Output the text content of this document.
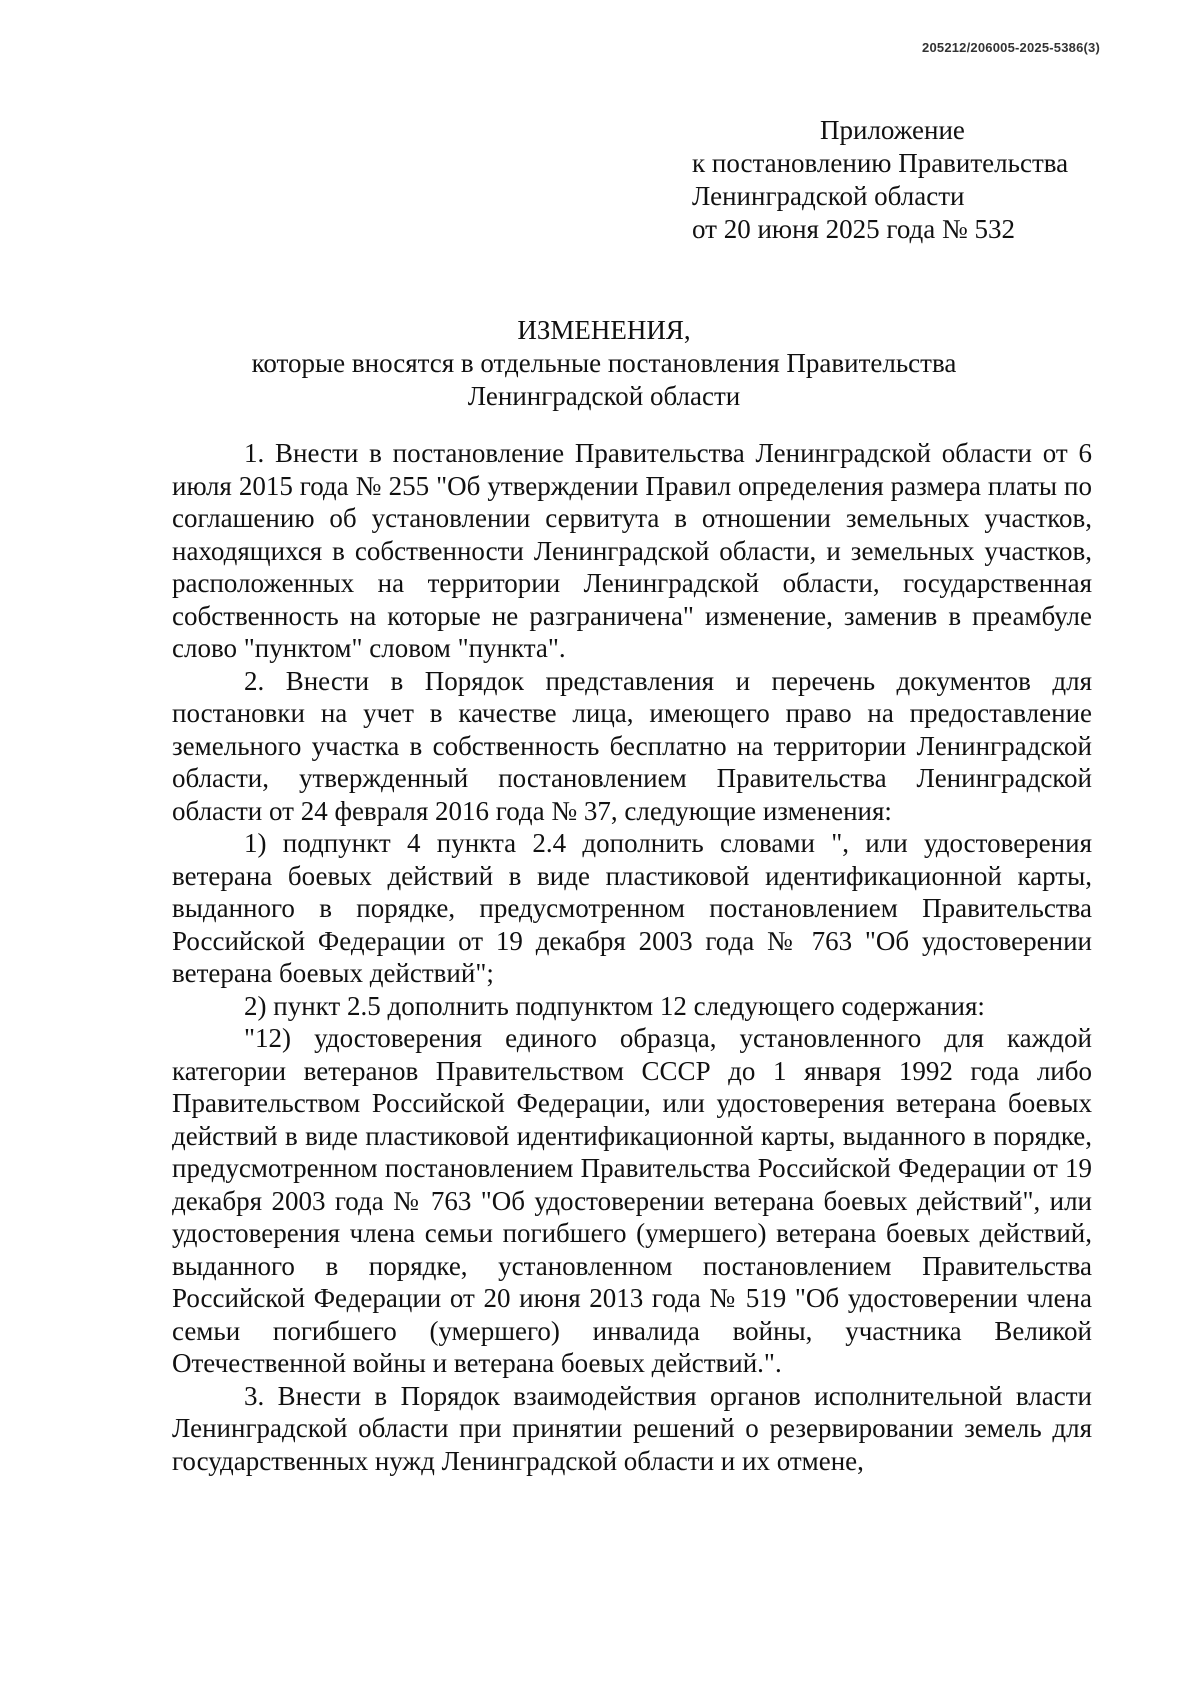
205212/206005-2025-5386(3)
Приложение
к постановлению Правительства
Ленинградской области
от 20 июня 2025 года № 532
ИЗМЕНЕНИЯ,
которые вносятся в отдельные постановления Правительства
Ленинградской области

1. Внести в постановление Правительства Ленинградской области от 6 июля 2015 года № 255 "Об утверждении Правил определения размера платы по соглашению об установлении сервитута в отношении земельных участков, находящихся в собственности Ленинградской области, и земельных участков, расположенных на территории Ленинградской области, государственная собственность на которые не разграничена" изменение, заменив в преамбуле слово "пунктом" словом "пункта".

2. Внести в Порядок представления и перечень документов для постановки на учет в качестве лица, имеющего право на предоставление земельного участка в собственность бесплатно на территории Ленинградской области, утвержденный постановлением Правительства Ленинградской области от 24 февраля 2016 года № 37, следующие изменения:

1) подпункт 4 пункта 2.4 дополнить словами ", или удостоверения ветерана боевых действий в виде пластиковой идентификационной карты, выданного в порядке, предусмотренном постановлением Правительства Российской Федерации от 19 декабря 2003 года № 763 "Об удостоверении ветерана боевых действий";

2) пункт 2.5 дополнить подпунктом 12 следующего содержания:

"12) удостоверения единого образца, установленного для каждой категории ветеранов Правительством СССР до 1 января 1992 года либо Правительством Российской Федерации, или удостоверения ветерана боевых действий в виде пластиковой идентификационной карты, выданного в порядке, предусмотренном постановлением Правительства Российской Федерации от 19 декабря 2003 года № 763 "Об удостоверении ветерана боевых действий", или удостоверения члена семьи погибшего (умершего) ветерана боевых действий, выданного в порядке, установленном постановлением Правительства Российской Федерации от 20 июня 2013 года № 519 "Об удостоверении члена семьи погибшего (умершего) инвалида войны, участника Великой Отечественной войны и ветерана боевых действий.".

3. Внести в Порядок взаимодействия органов исполнительной власти Ленинградской области при принятии решений о резервировании земель для государственных нужд Ленинградской области и их отмене,
